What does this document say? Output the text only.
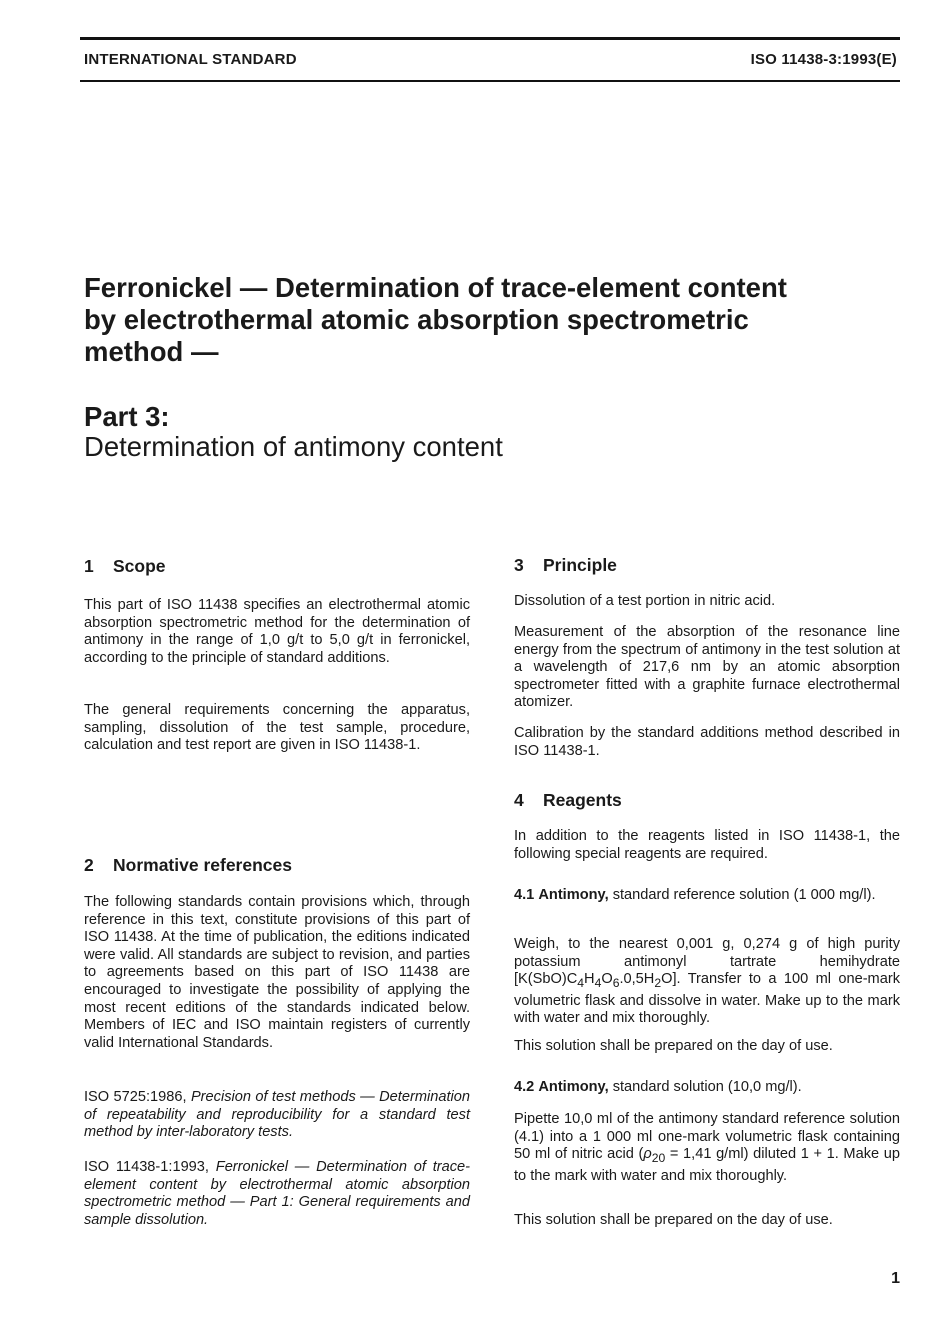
INTERNATIONAL STANDARD	ISO 11438-3:1993(E)
Ferronickel — Determination of trace-element content
by electrothermal atomic absorption spectrometric
method —
Part 3:
Determination of antimony content
1 Scope

This part of ISO 11438 specifies an electrothermal atomic absorption spectrometric method for the determination of antimony in the range of 1,0 g/t to 5,0 g/t in ferronickel, according to the principle of standard additions.

The general requirements concerning the apparatus, sampling, dissolution of the test sample, procedure, calculation and test report are given in ISO 11438-1.

2 Normative references

The following standards contain provisions which, through reference in this text, constitute provisions of this part of ISO 11438. At the time of publication, the editions indicated were valid. All standards are subject to revision, and parties to agreements based on this part of ISO 11438 are encouraged to investigate the possibility of applying the most recent editions of the standards indicated below. Members of IEC and ISO maintain registers of currently valid International Standards.

ISO 5725:1986, Precision of test methods — Determination of repeatability and reproducibility for a standard test method by inter-laboratory tests.

ISO 11438-1:1993, Ferronickel — Determination of trace-element content by electrothermal atomic absorption spectrometric method — Part 1: General requirements and sample dissolution.

3 Principle

Dissolution of a test portion in nitric acid.

Measurement of the absorption of the resonance line energy from the spectrum of antimony in the test solution at a wavelength of 217,6 nm by an atomic absorption spectrometer fitted with a graphite furnace electrothermal atomizer.

Calibration by the standard additions method described in ISO 11438-1.

4 Reagents

In addition to the reagents listed in ISO 11438-1, the following special reagents are required.

4.1 Antimony, standard reference solution (1 000 mg/l).

Weigh, to the nearest 0,001 g, 0,274 g of high purity potassium antimonyl tartrate hemihydrate $[K(SbO)C_4H_4O_6.0,5H_2O]$. Transfer to a 100 ml one-mark volumetric flask and dissolve in water. Make up to the mark with water and mix thoroughly.

This solution shall be prepared on the day of use.

4.2 Antimony, standard solution (10,0 mg/l).

Pipette 10,0 ml of the antimony standard reference solution (4.1) into a 1 000 ml one-mark volumetric flask containing 50 ml of nitric acid ($\rho_{20} = 1,41$ g/ml) diluted 1 + 1. Make up to the mark with water and mix thoroughly.

This solution shall be prepared on the day of use.

1
